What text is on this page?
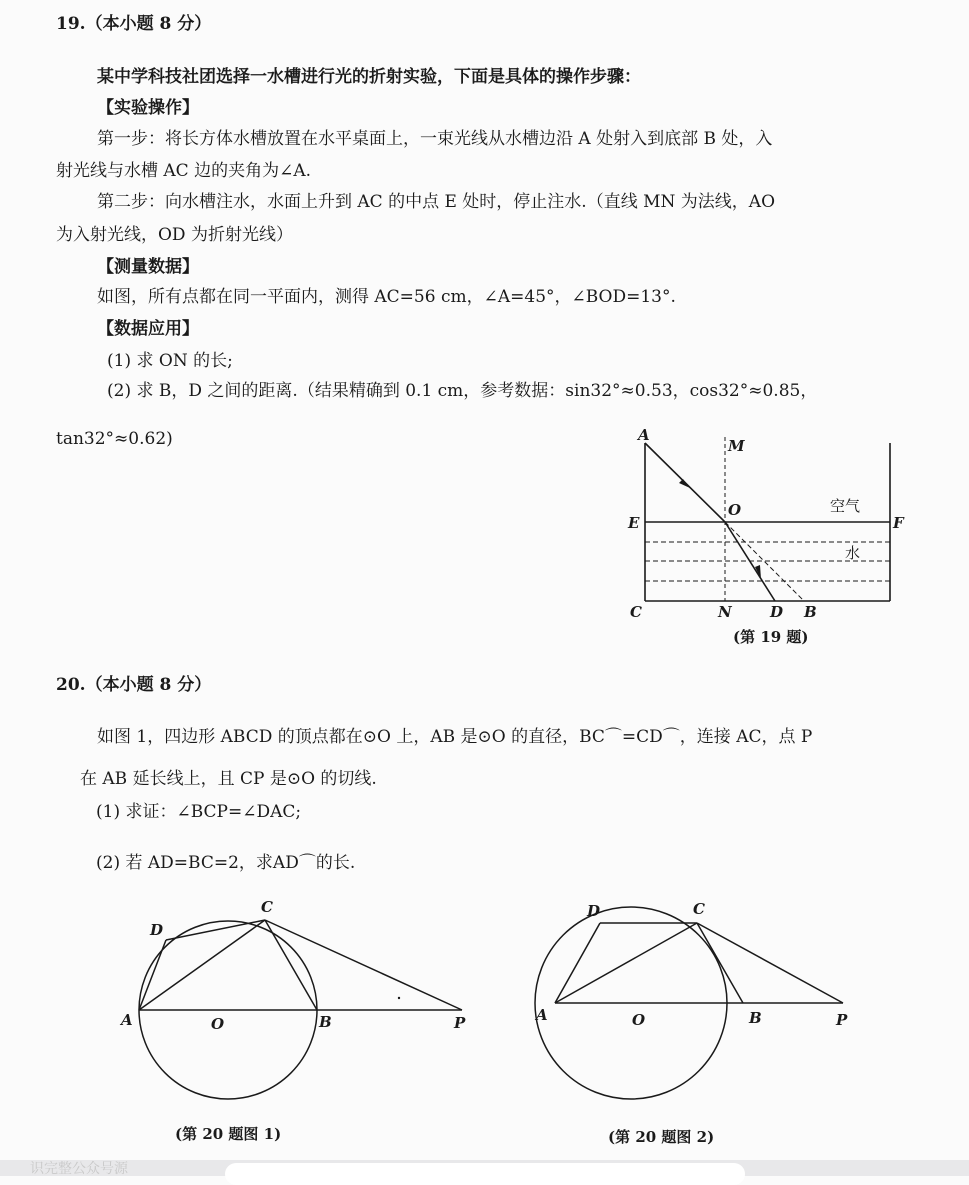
19.（本小题 8 分）
某中学科技社团选择一水槽进行光的折射实验，下面是具体的操作步骤：
【实验操作】
第一步：将长方体水槽放置在水平桌面上，一束光线从水槽边沿 A 处射入到底部 B 处，入
射光线与水槽 AC 边的夹角为∠A.
第二步：向水槽注水，水面上升到 AC 的中点 E 处时，停止注水.（直线 MN 为法线，AO
为入射光线，OD 为折射光线）
【测量数据】
如图，所有点都在同一平面内，测得 AC=56 cm，∠A=45°，∠BOD=13°.
【数据应用】
(1) 求 ON 的长;
(2) 求 B，D 之间的距离.（结果精确到 0.1 cm，参考数据：sin32°≈0.53，cos32°≈0.85，
tan32°≈0.62)	A
M
O
E	F
C	N	D B
空气
水
(第 19 题)
20.（本小题 8 分）
如图 1，四边形 ABCD 的顶点都在⊙O 上，AB 是⊙O 的直径，BC⌒=CD⌒，连接 AC，点 P
在 AB 延长线上，且 CP 是⊙O 的切线.
(1) 求证：∠BCP=∠DAC;
(2) 若 AD=BC=2，求AD⌒的长.
A	O	B	P
C
D
(第 20 题图 1)
A	O	B	P
C
D
(第 20 题图 2)
识完整公众号源
